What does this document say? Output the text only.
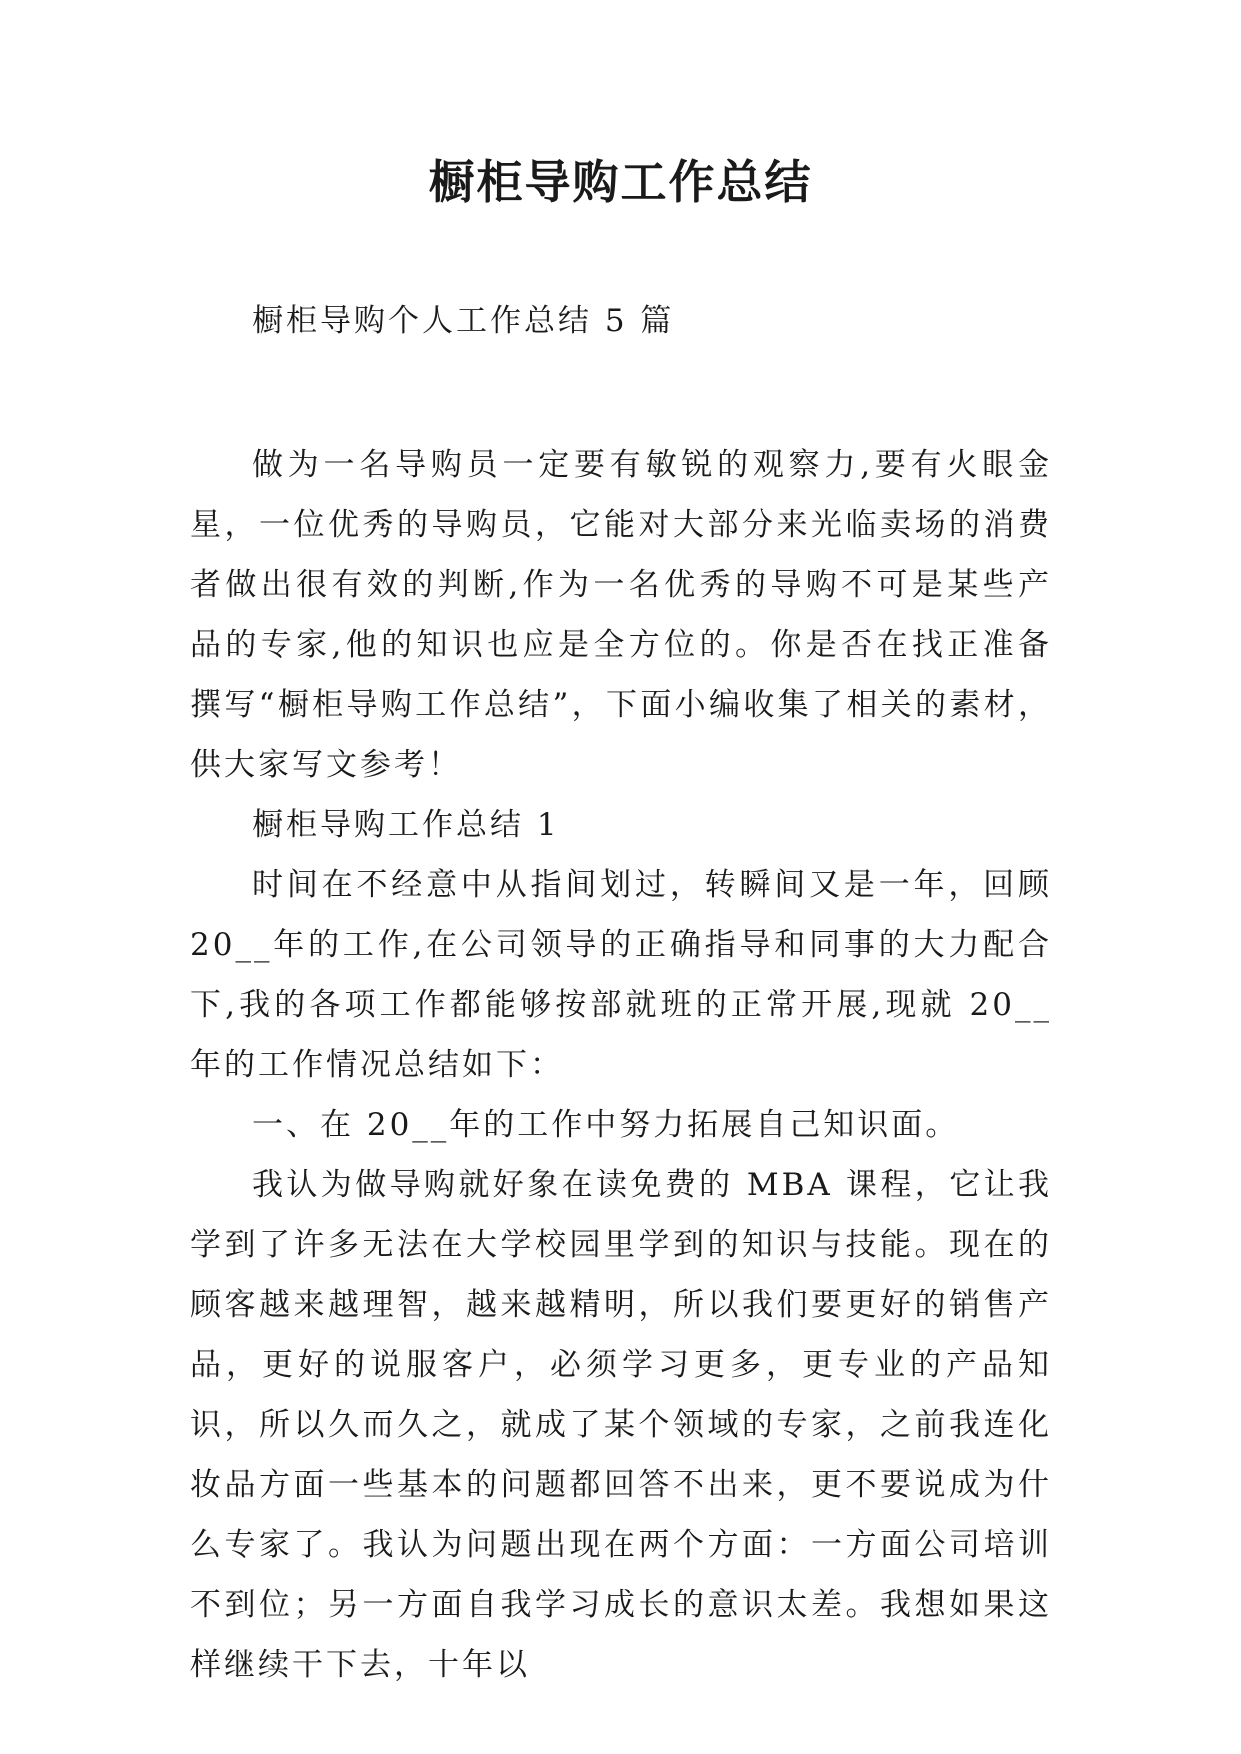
橱柜导购工作总结

橱柜导购个人工作总结 5 篇

做为一名导购员一定要有敏锐的观察力,要有火眼金星，一位优秀的导购员，它能对大部分来光临卖场的消费者做出很有效的判断,作为一名优秀的导购不可是某些产品的专家,他的知识也应是全方位的。你是否在找正准备撰写“橱柜导购工作总结”，下面小编收集了相关的素材，供大家写文参考！

橱柜导购工作总结 1

时间在不经意中从指间划过，转瞬间又是一年，回顾 20__年的工作,在公司领导的正确指导和同事的大力配合下,我的各项工作都能够按部就班的正常开展,现就 20__年的工作情况总结如下：

一、在 20__年的工作中努力拓展自己知识面。

我认为做导购就好象在读免费的 MBA 课程，它让我学到了许多无法在大学校园里学到的知识与技能。现在的顾客越来越理智，越来越精明，所以我们要更好的销售产品，更好的说服客户，必须学习更多，更专业的产品知识，所以久而久之，就成了某个领域的专家，之前我连化妆品方面一些基本的问题都回答不出来，更不要说成为什么专家了。我认为问题出现在两个方面：一方面公司培训不到位；另一方面自我学习成长的意识太差。我想如果这样继续干下去，十年以
